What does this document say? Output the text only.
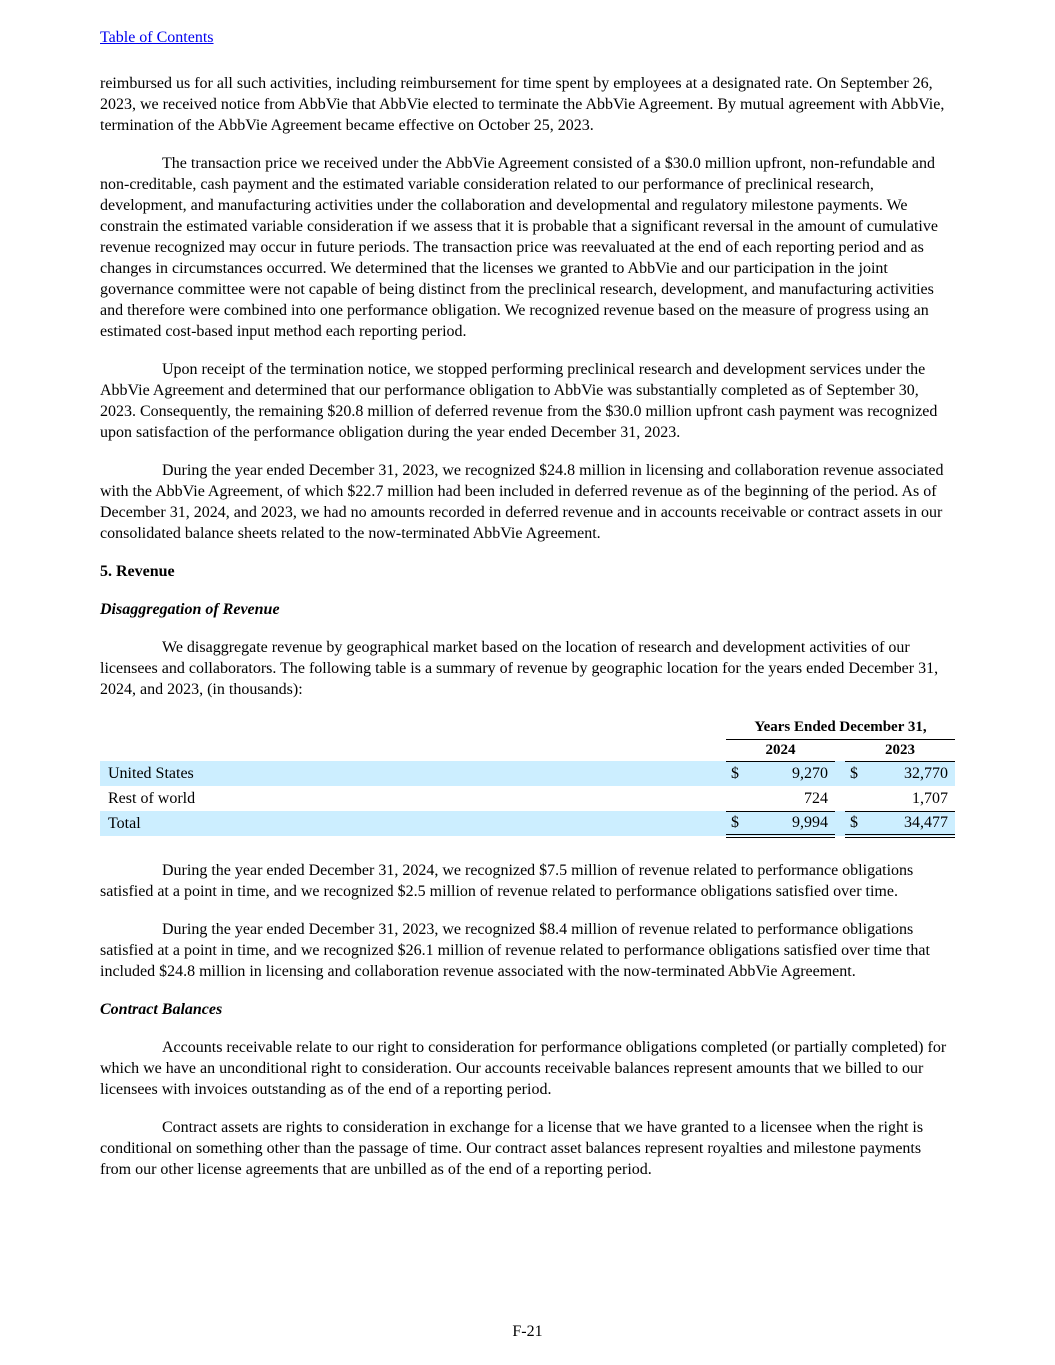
Table of Contents

reimbursed us for all such activities, including reimbursement for time spent by employees at a designated rate. On September 26, 2023, we received notice from AbbVie that AbbVie elected to terminate the AbbVie Agreement. By mutual agreement with AbbVie, termination of the AbbVie Agreement became effective on October 25, 2023.

The transaction price we received under the AbbVie Agreement consisted of a $30.0 million upfront, non-refundable and non-creditable, cash payment and the estimated variable consideration related to our performance of preclinical research, development, and manufacturing activities under the collaboration and developmental and regulatory milestone payments. We constrain the estimated variable consideration if we assess that it is probable that a significant reversal in the amount of cumulative revenue recognized may occur in future periods. The transaction price was reevaluated at the end of each reporting period and as changes in circumstances occurred. We determined that the licenses we granted to AbbVie and our participation in the joint governance committee were not capable of being distinct from the preclinical research, development, and manufacturing activities and therefore were combined into one performance obligation. We recognized revenue based on the measure of progress using an estimated cost-based input method each reporting period.

Upon receipt of the termination notice, we stopped performing preclinical research and development services under the AbbVie Agreement and determined that our performance obligation to AbbVie was substantially completed as of September 30, 2023. Consequently, the remaining $20.8 million of deferred revenue from the $30.0 million upfront cash payment was recognized upon satisfaction of the performance obligation during the year ended December 31, 2023.

During the year ended December 31, 2023, we recognized $24.8 million in licensing and collaboration revenue associated with the AbbVie Agreement, of which $22.7 million had been included in deferred revenue as of the beginning of the period. As of December 31, 2024, and 2023, we had no amounts recorded in deferred revenue and in accounts receivable or contract assets in our consolidated balance sheets related to the now-terminated AbbVie Agreement.

5. Revenue
Disaggregation of Revenue

We disaggregate revenue by geographical market based on the location of research and development activities of our licensees and collaborators. The following table is a summary of revenue by geographic location for the years ended December 31, 2024, and 2023, (in thousands):

	Years Ended December 31,				
	2024			2023	
United States	$	9,270		$	32,770
Rest of world		724			1,707
Total	$	9,994		$	34,477

During the year ended December 31, 2024, we recognized $7.5 million of revenue related to performance obligations satisfied at a point in time, and we recognized $2.5 million of revenue related to performance obligations satisfied over time.

During the year ended December 31, 2023, we recognized $8.4 million of revenue related to performance obligations satisfied at a point in time, and we recognized $26.1 million of revenue related to performance obligations satisfied over time that included $24.8 million in licensing and collaboration revenue associated with the now-terminated AbbVie Agreement.

Contract Balances

Accounts receivable relate to our right to consideration for performance obligations completed (or partially completed) for which we have an unconditional right to consideration. Our accounts receivable balances represent amounts that we billed to our licensees with invoices outstanding as of the end of a reporting period.

Contract assets are rights to consideration in exchange for a license that we have granted to a licensee when the right is conditional on something other than the passage of time. Our contract asset balances represent royalties and milestone payments from our other license agreements that are unbilled as of the end of a reporting period.

F-21
